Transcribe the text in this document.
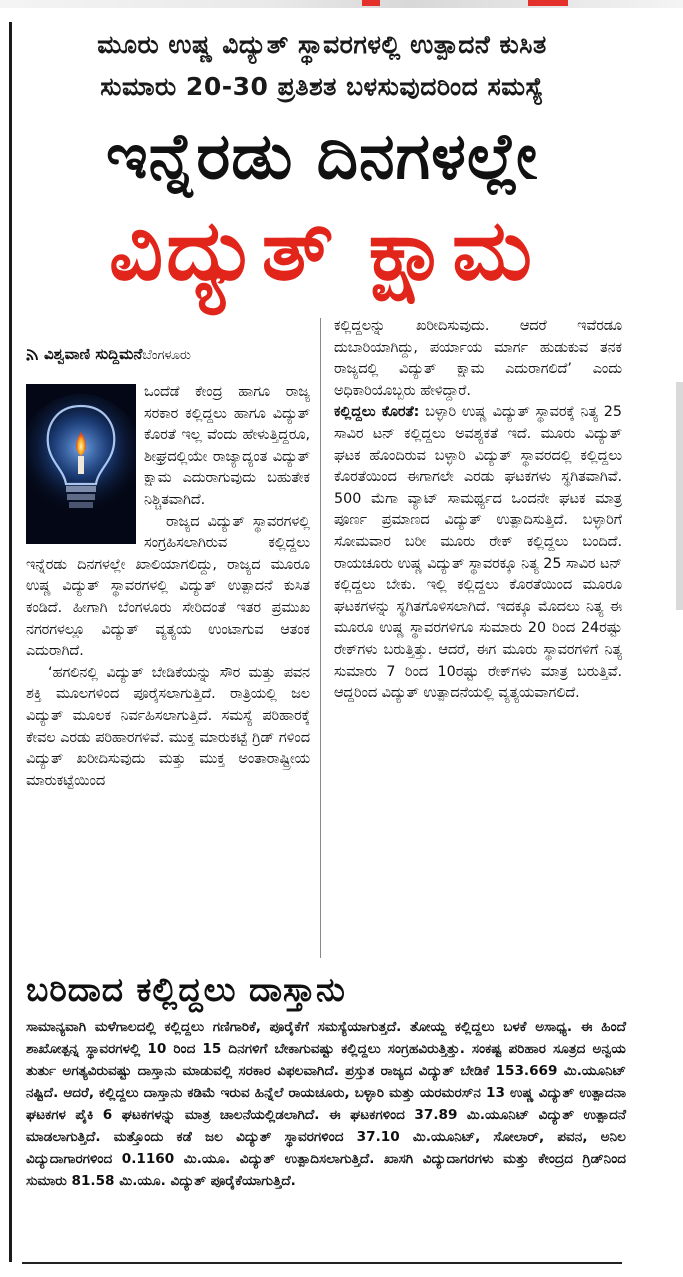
ಮೂರು ಉಷ್ಣ ವಿದ್ಯುತ್ ಸ್ಥಾವರಗಳಲ್ಲಿ ಉತ್ಪಾದನೆ ಕುಸಿತ
ಸುಮಾರು 20-30 ಪ್ರತಿಶತ ಬಳಸುವುದರಿಂದ ಸಮಸ್ಯೆ
ಇನ್ನೆರಡು ದಿನಗಳಲ್ಲೇ
ವಿದ್ಯುತ್ ಕ್ಷಾಮ
ವಿಶ್ವವಾಣಿ ಸುದ್ದಿಮನೆಬೆಂಗಳೂರು

ಒಂದೆಡೆ ಕೇಂದ್ರ ಹಾಗೂ ರಾಜ್ಯ ಸರಕಾರ ಕಲ್ಲಿದ್ದಲು ಹಾಗೂ ವಿದ್ಯುತ್ ಕೊರತೆ ಇಲ್ಲ ವೆಂದು ಹೇಳುತ್ತಿದ್ದರೂ, ಶೀಘ್ರದಲ್ಲಿಯೇ ರಾಜ್ಯಾದ್ಯಂತ ವಿದ್ಯುತ್ ಕ್ಷಾಮ ಎದುರಾಗುವುದು ಬಹುತೇಕ ನಿಶ್ಚಿತವಾಗಿದೆ.

ರಾಜ್ಯದ ವಿದ್ಯುತ್ ಸ್ಥಾವರಗಳಲ್ಲಿ ಸಂಗ್ರಹಿಸಲಾಗಿರುವ ಕಲ್ಲಿದ್ದಲು ಇನ್ನೆರಡು ದಿನಗಳಲ್ಲೇ ಖಾಲಿಯಾಗಲಿದ್ದು, ರಾಜ್ಯದ ಮೂರೂ ಉಷ್ಣ ವಿದ್ಯುತ್ ಸ್ಥಾವರಗಳಲ್ಲಿ ವಿದ್ಯುತ್ ಉತ್ಪಾದನೆ ಕುಸಿತ ಕಂಡಿದೆ. ಹೀಗಾಗಿ ಬೆಂಗಳೂರು ಸೇರಿದಂತೆ ಇತರ ಪ್ರಮುಖ ನಗರಗಳಲ್ಲೂ ವಿದ್ಯುತ್ ವ್ಯತ್ಯಯ ಉಂಟಾಗುವ ಆತಂಕ ಎದುರಾಗಿದೆ.

‘ಹಗಲಿನಲ್ಲಿ ವಿದ್ಯುತ್ ಬೇಡಿಕೆಯನ್ನು ಸೌರ ಮತ್ತು ಪವನ ಶಕ್ತಿ ಮೂಲಗಳಿಂದ ಪೂರೈಸಲಾಗುತ್ತಿದೆ. ರಾತ್ರಿಯಲ್ಲಿ ಜಲ ವಿದ್ಯುತ್ ಮೂಲಕ ನಿರ್ವಹಿಸಲಾಗುತ್ತಿದೆ. ಸಮಸ್ಯೆ ಪರಿಹಾರಕ್ಕೆ ಕೇವಲ ಎರಡು ಪರಿಹಾರಗಳಿವೆ. ಮುಕ್ತ ಮಾರುಕಟ್ಟೆ ಗ್ರಿಡ್ ಗಳಿಂದ ವಿದ್ಯುತ್ ಖರೀದಿಸುವುದು ಮತ್ತು ಮುಕ್ತ ಅಂತಾರಾಷ್ಟ್ರೀಯ ಮಾರುಕಟ್ಟೆಯಿಂದ

ಕಲ್ಲಿದ್ದಲನ್ನು ಖರೀದಿಸುವುದು. ಆದರೆ ಇವೆರಡೂ ದುಬಾರಿಯಾಗಿದ್ದು, ಪರ್ಯಾಯ ಮಾರ್ಗ ಹುಡುಕುವ ತನಕ ರಾಜ್ಯದಲ್ಲಿ ವಿದ್ಯುತ್ ಕ್ಷಾಮ ಎದುರಾಗಲಿದೆ’ ಎಂದು ಅಧಿಕಾರಿಯೊಬ್ಬರು ಹೇಳಿದ್ದಾರೆ.

ಕಲ್ಲಿದ್ದಲು ಕೊರತೆ: ಬಳ್ಳಾರಿ ಉಷ್ಣ ವಿದ್ಯುತ್ ಸ್ಥಾವರಕ್ಕೆ ನಿತ್ಯ 25 ಸಾವಿರ ಟನ್ ಕಲ್ಲಿದ್ದಲು ಅವಶ್ಯಕತೆ ಇದೆ. ಮೂರು ವಿದ್ಯುತ್ ಘಟಕ ಹೊಂದಿರುವ ಬಳ್ಳಾರಿ ವಿದ್ಯುತ್ ಸ್ಥಾವರದಲ್ಲಿ ಕಲ್ಲಿದ್ದಲು ಕೊರತೆಯಿಂದ ಈಗಾಗಲೇ ಎರಡು ಘಟಕಗಳು ಸ್ಥಗಿತವಾಗಿವೆ. 500 ಮೆಗಾ ವ್ಯಾಟ್ ಸಾಮರ್ಥ್ಯದ ಒಂದನೇ ಘಟಕ ಮಾತ್ರ ಪೂರ್ಣ ಪ್ರಮಾಣದ ವಿದ್ಯುತ್ ಉತ್ಪಾದಿಸುತ್ತಿದೆ. ಬಳ್ಳಾರಿಗೆ ಸೋಮವಾರ ಬರೀ ಮೂರು ರೇಕ್ ಕಲ್ಲಿದ್ದಲು ಬಂದಿದೆ. ರಾಯಚೂರು ಉಷ್ಣ ವಿದ್ಯುತ್ ಸ್ಥಾವರಕ್ಕೂ ನಿತ್ಯ 25 ಸಾವಿರ ಟನ್ ಕಲ್ಲಿದ್ದಲು ಬೇಕು. ಇಲ್ಲಿ ಕಲ್ಲಿದ್ದಲು ಕೊರತೆಯಿಂದ ಮೂರೂ ಘಟಕಗಳನ್ನು ಸ್ಥಗಿತಗೊಳಿಸಲಾಗಿದೆ. ಇದಕ್ಕೂ ಮೊದಲು ನಿತ್ಯ ಈ ಮೂರೂ ಉಷ್ಣ ಸ್ಥಾವರಗಳಿಗೂ ಸುಮಾರು 20 ರಿಂದ 24ರಷ್ಟು ರೇಕ್‌ಗಳು ಬರುತ್ತಿತ್ತು. ಆದರೆ, ಈಗ ಮೂರು ಸ್ಥಾವರಗಳಿಗೆ ನಿತ್ಯ ಸುಮಾರು 7 ರಿಂದ 10ರಷ್ಟು ರೇಕ್‌ಗಳು ಮಾತ್ರ ಬರುತ್ತಿವೆ. ಆದ್ದರಿಂದ ವಿದ್ಯುತ್ ಉತ್ಪಾದನೆಯಲ್ಲಿ ವ್ಯತ್ಯಯವಾಗಲಿದೆ.

ಬರಿದಾದ ಕಲ್ಲಿದ್ದಲು ದಾಸ್ತಾನು
ಸಾಮಾನ್ಯವಾಗಿ ಮಳೆಗಾಲದಲ್ಲಿ ಕಲ್ಲಿದ್ದಲು ಗಣಿಗಾರಿಕೆ, ಪೂರೈಕೆಗೆ ಸಮಸ್ಯೆಯಾಗುತ್ತದೆ. ತೋಯ್ದ ಕಲ್ಲಿದ್ದಲು ಬಳಕೆ ಅಸಾಧ್ಯ. ಈ ಹಿಂದೆ ಶಾಖೋತ್ಪನ್ನ ಸ್ಥಾವರಗಳಲ್ಲಿ 10 ರಿಂದ 15 ದಿನಗಳಿಗೆ ಬೇಕಾಗುವಷ್ಟು ಕಲ್ಲಿದ್ದಲು ಸಂಗ್ರಹವಿರುತ್ತಿತ್ತು. ಸಂಕಷ್ಟ ಪರಿಹಾರ ಸೂತ್ರದ ಅನ್ವಯ ತುರ್ತು ಅಗತ್ಯವಿರುವಷ್ಟು ದಾಸ್ತಾನು ಮಾಡುವಲ್ಲಿ ಸರಕಾರ ವಿಫಲವಾಗಿದೆ. ಪ್ರಸ್ತುತ ರಾಜ್ಯದ ವಿದ್ಯುತ್ ಬೇಡಿಕೆ 153.669 ಮಿ.ಯೂನಿಟ್ ನಷ್ಟಿದೆ. ಆದರೆ, ಕಲ್ಲಿದ್ದಲು ದಾಸ್ತಾನು ಕಡಿಮೆ ಇರುವ ಹಿನ್ನೆಲೆ ರಾಯಚೂರು, ಬಳ್ಳಾರಿ ಮತ್ತು ಯರಮರಸ್‌ನ 13 ಉಷ್ಣ ವಿದ್ಯುತ್ ಉತ್ಪಾದನಾ ಘಟಕಗಳ ಪೈಕಿ 6 ಘಟಕಗಳನ್ನು ಮಾತ್ರ ಚಾಲನೆಯಲ್ಲಿಡಲಾಗಿದೆ. ಈ ಘಟಕಗಳಿಂದ 37.89 ಮಿ.ಯೂನಿಟ್ ವಿದ್ಯುತ್ ಉತ್ಪಾದನೆ ಮಾಡಲಾಗುತ್ತಿದೆ. ಮತ್ತೊಂದು ಕಡೆ ಜಲ ವಿದ್ಯುತ್ ಸ್ಥಾವರಗಳಿಂದ 37.10 ಮಿ.ಯೂನಿಟ್, ಸೋಲಾರ್, ಪವನ, ಅನಿಲ ವಿದ್ಯುದಾಗಾರಗಳಿಂದ 0.1160 ಮಿ.ಯೂ. ವಿದ್ಯುತ್ ಉತ್ಪಾದಿಸಲಾಗುತ್ತಿದೆ. ಖಾಸಗಿ ವಿದ್ಯುದಾಗರಗಳು ಮತ್ತು ಕೇಂದ್ರದ ಗ್ರಿಡ್‌ನಿಂದ ಸುಮಾರು 81.58 ಮಿ.ಯೂ. ವಿದ್ಯುತ್ ಪೂರೈಕೆಯಾಗುತ್ತಿದೆ.
